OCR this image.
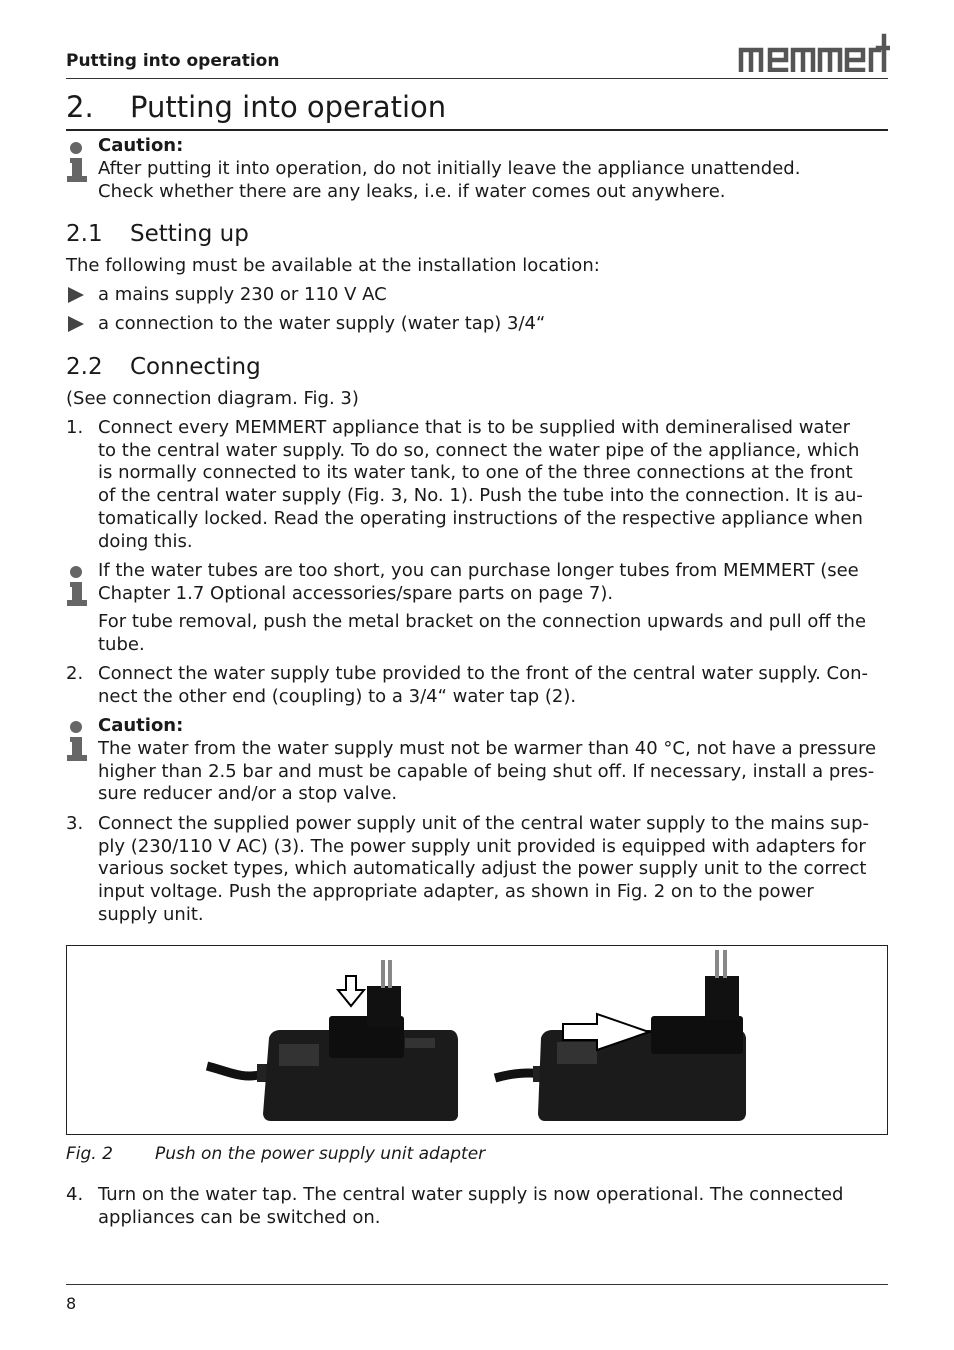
Putting into operation
2. Putting into operation
Caution:
After putting it into operation, do not initially leave the appliance unattended.
Check whether there are any leaks, i.e. if water comes out anywhere.
2.1 Setting up
The following must be available at the installation location:
a mains supply 230 or 110 V AC
a connection to the water supply (water tap) 3/4“
2.2 Connecting
(See connection diagram. Fig. 3)
1. Connect every MEMMERT appliance that is to be supplied with demineralised water
to the central water supply. To do so, connect the water pipe of the appliance, which
is normally connected to its water tank, to one of the three connections at the front
of the central water supply (Fig. 3, No. 1). Push the tube into the connection. It is au-
tomatically locked. Read the operating instructions of the respective appliance when
doing this.
If the water tubes are too short, you can purchase longer tubes from MEMMERT (see
Chapter 1.7 Optional accessories/spare parts on page 7).
For tube removal, push the metal bracket on the connection upwards and pull off the
tube.
2. Connect the water supply tube provided to the front of the central water supply. Con-
nect the other end (coupling) to a 3/4“ water tap (2).
Caution:
The water from the water supply must not be warmer than 40 °C, not have a pressure
higher than 2.5 bar and must be capable of being shut off. If necessary, install a pres-
sure reducer and/or a stop valve.
3. Connect the supplied power supply unit of the central water supply to the mains sup-
ply (230/110 V AC) (3). The power supply unit provided is equipped with adapters for
various socket types, which automatically adjust the power supply unit to the correct
input voltage. Push the appropriate adapter, as shown in Fig. 2 on to the power
supply unit.
Fig. 2 Push on the power supply unit adapter
4. Turn on the water tap. The central water supply is now operational. The connected
appliances can be switched on.
8
